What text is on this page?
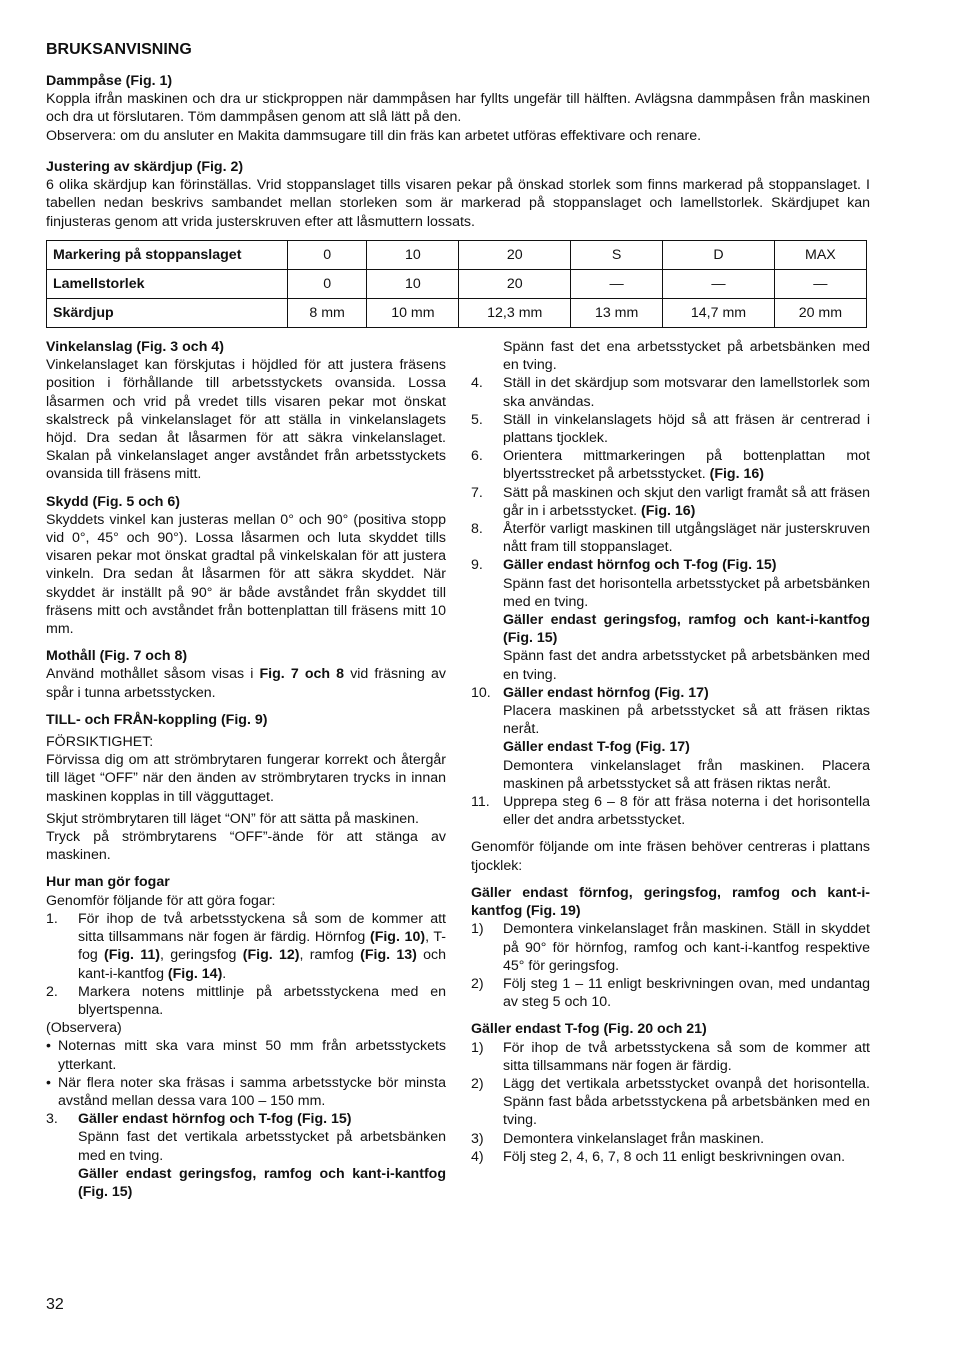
BRUKSANVISNING

Dammpåse (Fig. 1)

Koppla ifrån maskinen och dra ur stickproppen när dammpåsen har fyllts ungefär till hälften. Avlägsna dammpåsen från maskinen och dra ut förslutaren. Töm dammpåsen genom att slå lätt på den.

Observera: om du ansluter en Makita dammsugare till din fräs kan arbetet utföras effektivare och renare.

Justering av skärdjup (Fig. 2)

6 olika skärdjup kan förinställas. Vrid stoppanslaget tills visaren pekar på önskad storlek som finns markerad på stoppanslaget. I tabellen nedan beskrivs sambandet mellan storleken som är markerad på stoppanslaget och lamellstorlek. Skärdjupet kan finjusteras genom att vrida justerskruven efter att låsmuttern lossats.

Markering på stoppanslaget	0	10	20	S	D	MAX
Lamellstorlek	0	10	20	—	—	—
Skärdjup	8 mm	10 mm	12,3 mm	13 mm	14,7 mm	20 mm

Vinkelanslag (Fig. 3 och 4)

Vinkelanslaget kan förskjutas i höjdled för att justera fräsens position i förhållande till arbetsstyckets ovansida. Lossa låsarmen och vrid på vredet tills visaren pekar mot önskat skalstreck på vinkelanslaget för att ställa in vinkelanslagets höjd. Dra sedan åt låsarmen för att säkra vinkelanslaget. Skalan på vinkelanslaget anger avståndet från arbetsstyckets ovansida till fräsens mitt.

Skydd (Fig. 5 och 6)

Skyddets vinkel kan justeras mellan 0° och 90° (positiva stopp vid 0°, 45° och 90°). Lossa låsarmen och luta skyddet tills visaren pekar mot önskat gradtal på vinkelskalan för att justera vinkeln. Dra sedan åt låsarmen för att säkra skyddet. När skyddet är inställt på 90° är både avståndet från skyddet till fräsens mitt och avståndet från bottenplattan till fräsens mitt 10 mm.

Mothåll (Fig. 7 och 8)

Använd mothållet såsom visas i Fig. 7 och 8 vid fräsning av spår i tunna arbetsstycken.

TILL- och FRÅN-koppling (Fig. 9)

FÖRSIKTIGHET:

Förvissa dig om att strömbrytaren fungerar korrekt och återgår till läget “OFF” när den änden av strömbrytaren trycks in innan maskinen kopplas in till vägguttaget.

Skjut strömbrytaren till läget “ON” för att sätta på maskinen.

Tryck på strömbrytarens “OFF”-ände för att stänga av maskinen.

Hur man gör fogar

Genomför följande för att göra fogar:

1. För ihop de två arbetsstyckena så som de kommer att sitta tillsammans när fogen är färdig. Hörnfog (Fig. 10), T-fog (Fig. 11), geringsfog (Fig. 12), ramfog (Fig. 13) och kant-i-kantfog (Fig. 14).
2. Markera notens mittlinje på arbetsstyckena med en blyertspenna.

(Observera)

• Noternas mitt ska vara minst 50 mm från arbetsstyckets ytterkant.
• När flera noter ska fräsas i samma arbetsstycke bör minsta avstånd mellan dessa vara 100 – 150 mm.
3. Gäller endast hörnfog och T-fog (Fig. 15)

Spänn fast det vertikala arbetsstycket på arbetsbänken med en tving.

Gäller endast geringsfog, ramfog och kant-i-kantfog (Fig. 15)

Spänn fast det ena arbetsstycket på arbetsbänken med en tving.
4. Ställ in det skärdjup som motsvarar den lamellstorlek som ska användas.
5. Ställ in vinkelanslagets höjd så att fräsen är centrerad i plattans tjocklek.
6. Orientera mittmarkeringen på bottenplattan mot blyertsstrecket på arbetsstycket. (Fig. 16)
7. Sätt på maskinen och skjut den varligt framåt så att fräsen går in i arbetsstycket. (Fig. 16)
8. Återför varligt maskinen till utgångsläget när justerskruven nått fram till stoppanslaget.
9. Gäller endast hörnfog och T-fog (Fig. 15)

Spänn fast det horisontella arbetsstycket på arbetsbänken med en tving.

Gäller endast geringsfog, ramfog och kant-i-kantfog (Fig. 15)

Spänn fast det andra arbetsstycket på arbetsbänken med en tving.

10. Gäller endast hörnfog (Fig. 17)

Placera maskinen på arbetsstycket så att fräsen riktas neråt.

Gäller endast T-fog (Fig. 17)

Demontera vinkelanslaget från maskinen. Placera maskinen på arbetsstycket så att fräsen riktas neråt.

11. Upprepa steg 6 – 8 för att fräsa noterna i det horisontella eller det andra arbetsstycket.

Genomför följande om inte fräsen behöver centreras i plattans tjocklek:

Gäller endast förnfog, geringsfog, ramfog och kant-i-kantfog (Fig. 19)

1) Demontera vinkelanslaget från maskinen. Ställ in skyddet på 90° för hörnfog, ramfog och kant-i-kantfog respektive 45° för geringsfog.
2) Följ steg 1 – 11 enligt beskrivningen ovan, med undantag av steg 5 och 10.

Gäller endast T-fog (Fig. 20 och 21)

1) För ihop de två arbetsstyckena så som de kommer att sitta tillsammans när fogen är färdig.
2) Lägg det vertikala arbetsstycket ovanpå det horisontella. Spänn fast båda arbetsstyckena på arbetsbänken med en tving.
3) Demontera vinkelanslaget från maskinen.
4) Följ steg 2, 4, 6, 7, 8 och 11 enligt beskrivningen ovan.
32
